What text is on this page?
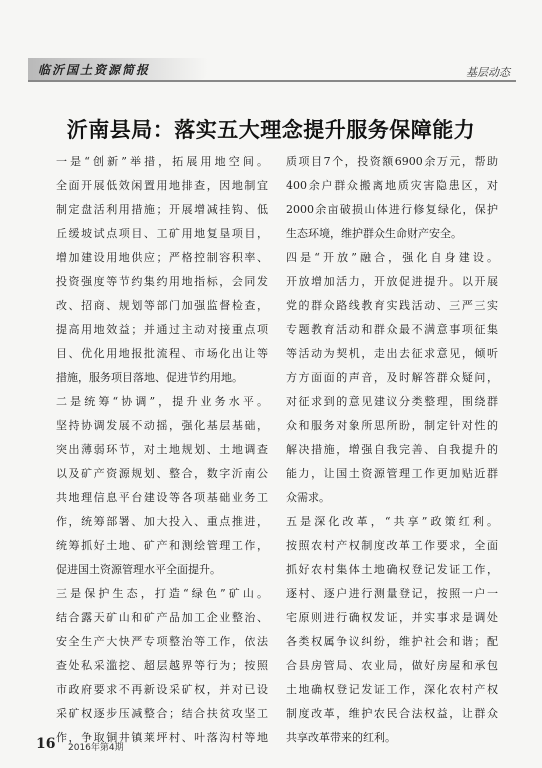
临沂国土资源简报	基层动态
沂南县局：落实五大理念提升服务保障能力
一是“创新”举措，拓展用地空间。
全面开展低效闲置用地排查，因地制宜
制定盘活利用措施；开展增减挂钩、低
丘缓坡试点项目、工矿用地复垦项目，
增加建设用地供应；严格控制容积率、
投资强度等节约集约用地指标，会同发
改、招商、规划等部门加强监督检查，
提高用地效益；并通过主动对接重点项
目、优化用地报批流程、市场化出让等
措施，服务项目落地、促进节约用地。
二是统筹“协调”，提升业务水平。
坚持协调发展不动摇，强化基层基础，
突出薄弱环节，对土地规划、土地调查
以及矿产资源规划、整合，数字沂南公
共地理信息平台建设等各项基础业务工
作，统筹部署、加大投入、重点推进，
统筹抓好土地、矿产和测绘管理工作，
促进国土资源管理水平全面提升。
三是保护生态，打造“绿色”矿山。
结合露天矿山和矿产品加工企业整治、
安全生产大快严专项整治等工作，依法
查处私采滥挖、超层越界等行为；按照
市政府要求不再新设采矿权，并对已设
采矿权逐步压减整合；结合扶贫攻坚工
作，争取铜井镇莱坪村、叶落沟村等地
质项目7个，投资额6900余万元，帮助
400余户群众搬离地质灾害隐患区，对
2000余亩破损山体进行修复绿化，保护
生态环境，维护群众生命财产安全。
四是“开放”融合，强化自身建设。
开放增加活力，开放促进提升。以开展
党的群众路线教育实践活动、三严三实
专题教育活动和群众最不满意事项征集
等活动为契机，走出去征求意见，倾听
方方面面的声音，及时解答群众疑问，
对征求到的意见建议分类整理，围绕群
众和服务对象所思所盼，制定针对性的
解决措施，增强自我完善、自我提升的
能力，让国土资源管理工作更加贴近群
众需求。
五是深化改革，“共享”政策红利。
按照农村产权制度改革工作要求，全面
抓好农村集体土地确权登记发证工作，
逐村、逐户进行测量登记，按照一户一
宅原则进行确权发证，并实事求是调处
各类权属争议纠纷，维护社会和谐；配
合县房管局、农业局，做好房屋和承包
土地确权登记发证工作，深化农村产权
制度改革，维护农民合法权益，让群众
共享改革带来的红利。
16 2016年第4期
